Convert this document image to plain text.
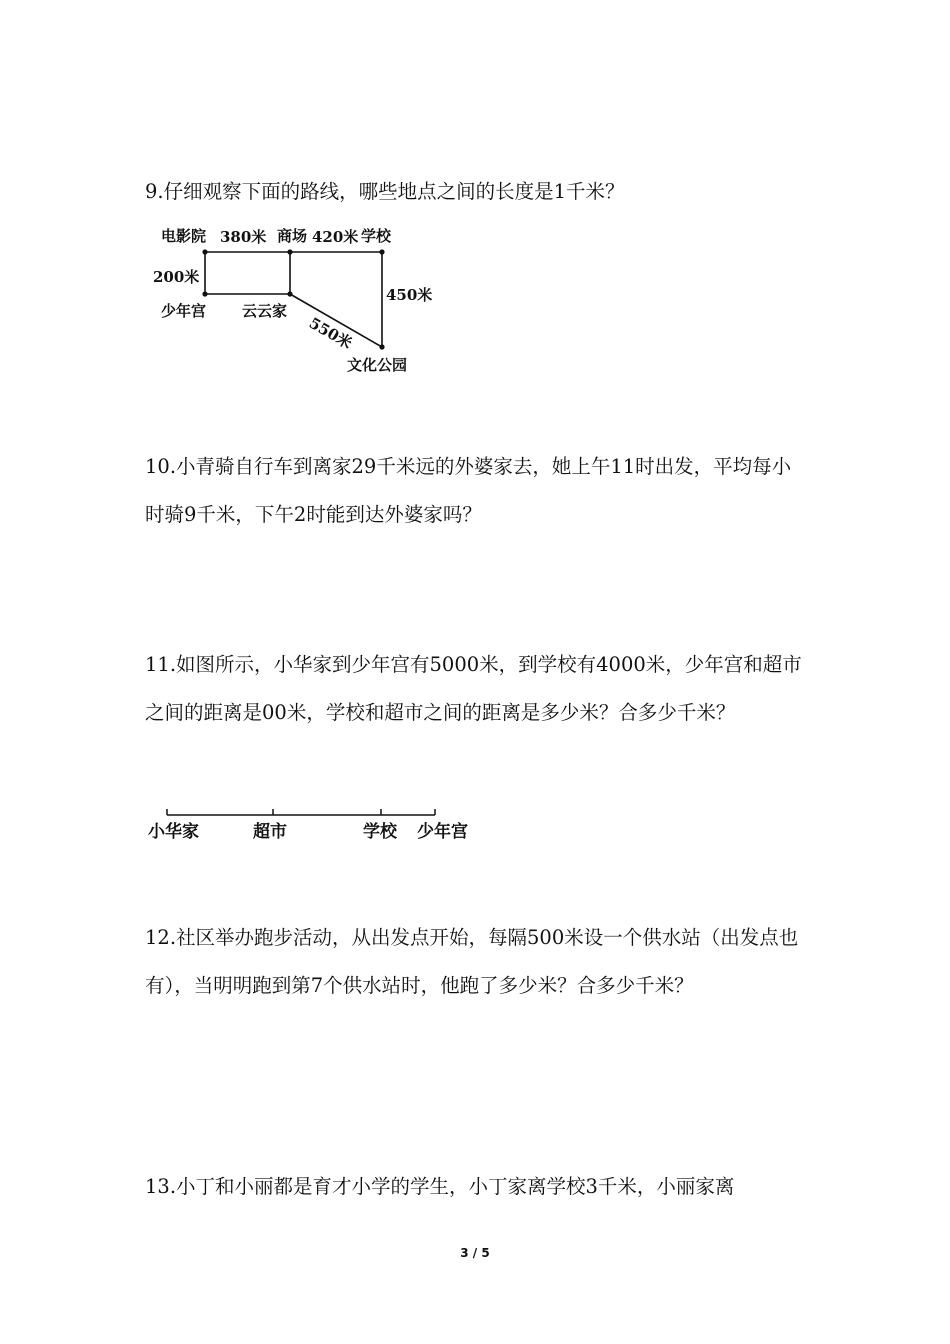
9.仔细观察下面的路线，哪些地点之间的长度是1千米？

电影院 380米 商场 420米 学校
200米
450米
少年宫 云云家
550米
文化公园

10.小青骑自行车到离家29千米远的外婆家去，她上午11时出发，平均每小时骑9千米，下午2时能到达外婆家吗？

11.如图所示，小华家到少年宫有5000米，到学校有4000米，少年宫和超市之间的距离是00米，学校和超市之间的距离是多少米？合多少千米？

小华家	超市	学校 少年宫

12.社区举办跑步活动，从出发点开始，每隔500米设一个供水站（出发点也有），当明明跑到第7个供水站时，他跑了多少米？合多少千米？

13.小丁和小丽都是育才小学的学生，小丁家离学校3千米，小丽家离

3 / 5
